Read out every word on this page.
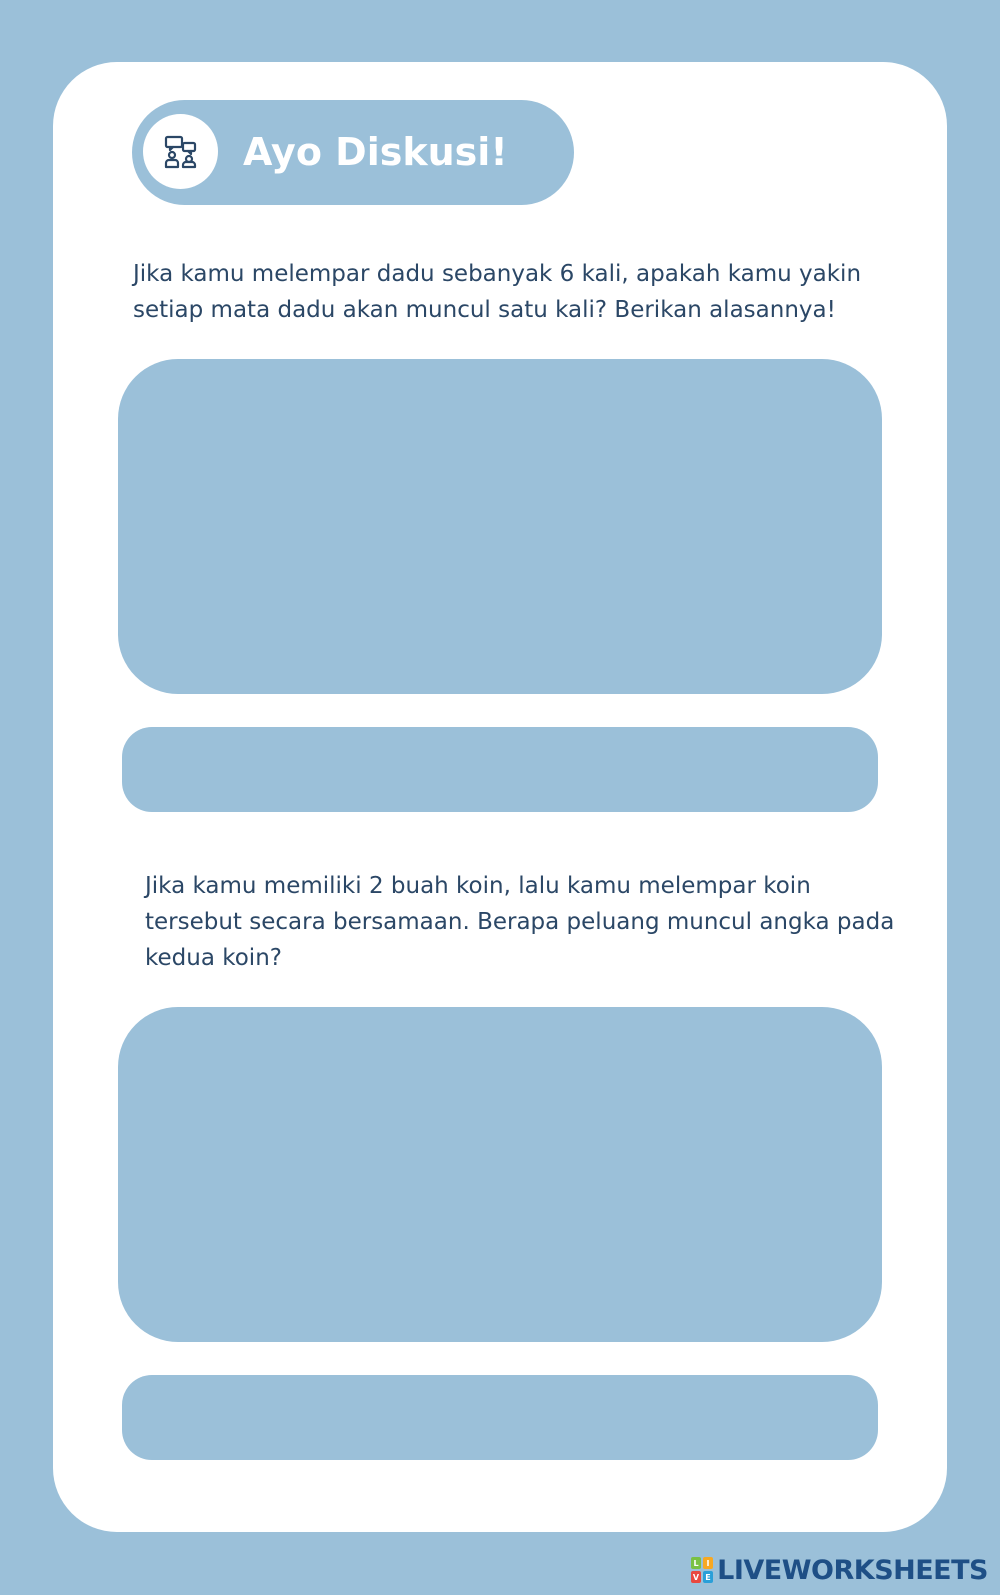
Ayo Diskusi!
Jika kamu melempar dadu sebanyak 6 kali, apakah kamu yakin setiap mata dadu akan muncul satu kali? Berikan alasannya!
Jika kamu memiliki 2 buah koin, lalu kamu melempar koin tersebut secara bersamaan. Berapa peluang muncul angka pada kedua koin?
L I
V E LIVEWORKSHEETS
